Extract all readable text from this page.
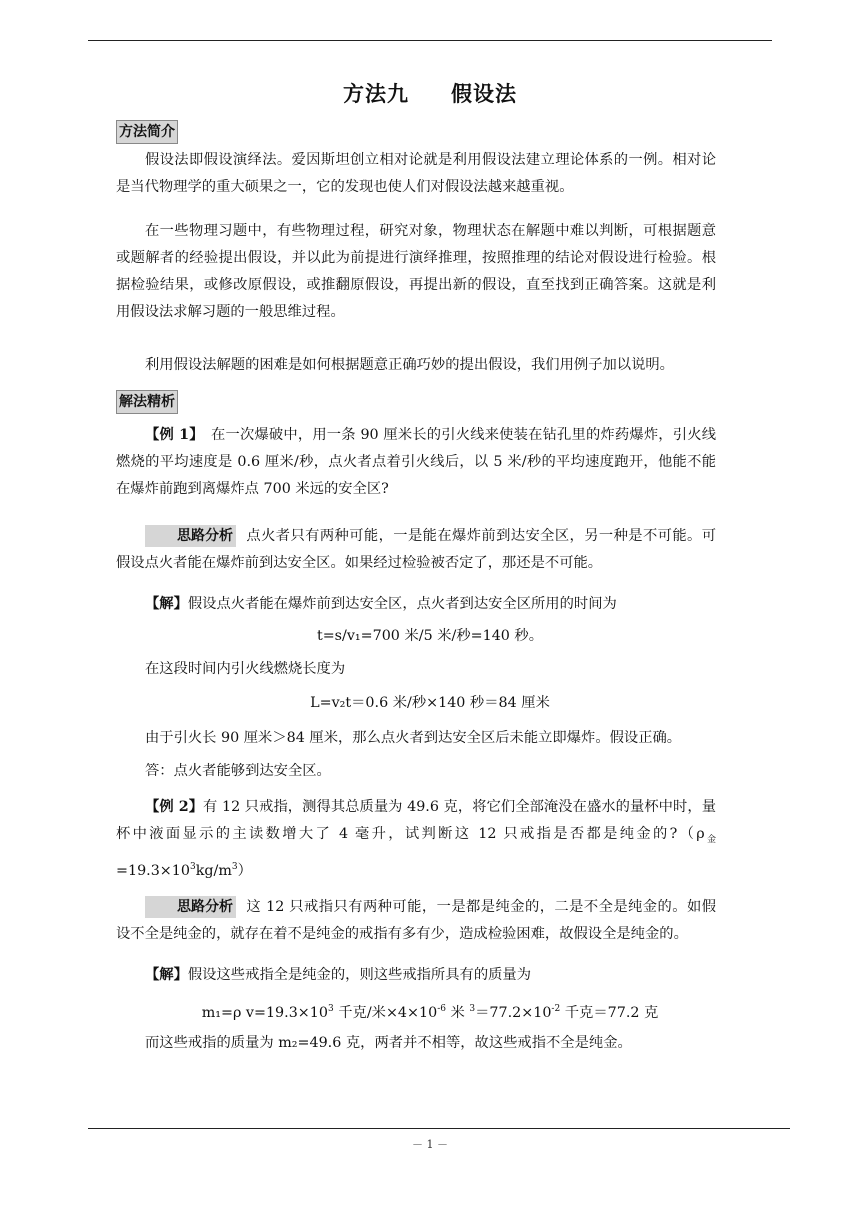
方法九 假设法
方法简介

假设法即假设演绎法。爱因斯坦创立相对论就是利用假设法建立理论体系的一例。相对论是当代物理学的重大硕果之一，它的发现也使人们对假设法越来越重视。

在一些物理习题中，有些物理过程，研究对象，物理状态在解题中难以判断，可根据题意或题解者的经验提出假设，并以此为前提进行演绎推理，按照推理的结论对假设进行检验。根据检验结果，或修改原假设，或推翻原假设，再提出新的假设，直至找到正确答案。这就是利用假设法求解习题的一般思维过程。

利用假设法解题的困难是如何根据题意正确巧妙的提出假设，我们用例子加以说明。

解法精析

【例 1】　 在一次爆破中，用一条 90 厘米长的引火线来使装在钻孔里的炸药爆炸，引火线燃烧的平均速度是 0.6 厘米/秒，点火者点着引火线后，以 5 米/秒的平均速度跑开，他能不能在爆炸前跑到离爆炸点 700 米远的安全区?

思路分析 点火者只有两种可能，一是能在爆炸前到达安全区，另一种是不可能。可假设点火者能在爆炸前到达安全区。如果经过检验被否定了，那还是不可能。

【解】假设点火者能在爆炸前到达安全区，点火者到达安全区所用的时间为
t=s/v₁=700 米/5 米/秒=140 秒。
在这段时间内引火线燃烧长度为
L=v₂t＝0.6 米/秒×140 秒＝84 厘米
由于引火长 90 厘米＞84 厘米，那么点火者到达安全区后未能立即爆炸。假设正确。
答：点火者能够到达安全区。

【例 2】有 12 只戒指，测得其总质量为 49.6 克，将它们全部淹没在盛水的量杯中时，量杯中液面显示的主读数增大了 4 毫升，试判断这 12 只戒指是否都是纯金的$?(\rho_金=19.3\times 10^3kg/m^3)$

思路分析 这 12 只戒指只有两种可能，一是都是纯金的，二是不全是纯金的。如假设不全是纯金的，就存在着不是纯金的戒指有多有少，造成检验困难，故假设全是纯金的。

【解】假设这些戒指全是纯金的，则这些戒指所具有的质量为
m₁=ρ $v=19.3\times 10^3$ 千克/米$\times 4\times 10^{-6}$ 米 $^3=77.2\times 10^{-2}$ 千克＝77.2 克
而这些戒指的质量为 m₂=49.6 克，两者并不相等，故这些戒指不全是纯金。
－ 1 －
